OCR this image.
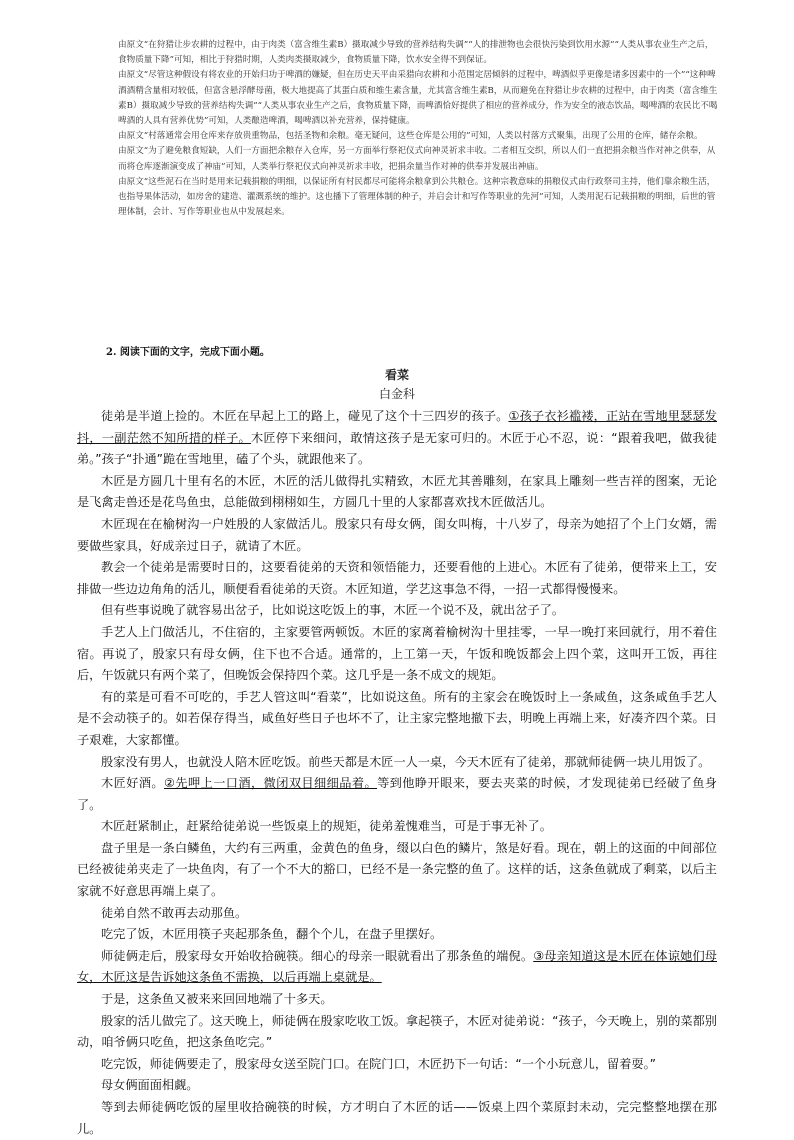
由原文“在狩猎让步农耕的过程中，由于肉类（富含维生素B）摄取减少导致的营养结构失调”“人的排泄物也会很快污染到饮用水源”“人类从事农业生产之后，食物质量下降”可知，相比于狩猎时期，人类肉类摄取减少，食物质量下降，饮水安全得不到保证。

由原文“尽管这种假设有将农业的开始归功于啤酒的嫌疑，但在历史天平由采猎向农耕和小范围定居倾斜的过程中，啤酒似乎更像是诸多因素中的一个”“这种啤酒酒精含量相对较低，但富含悬浮酵母菌，极大地提高了其蛋白质和维生素含量，尤其富含维生素B，从而避免在狩猎让步农耕的过程中，由于肉类（富含维生素B）摄取减少导致的营养结构失调”“人类从事农业生产之后，食物质量下降，而啤酒恰好提供了相应的营养成分，作为安全的液态饮品，喝啤酒的农民比不喝啤酒的人具有营养优势”可知，人类酿造啤酒，喝啤酒以补充营养，保持健康。

由原文“村落通常会用仓库来存放贵重物品，包括圣物和余粮。毫无疑问，这些仓库是公用的”可知，人类以村落方式聚集，出现了公用的仓库，储存余粮。

由原文“为了避免粮食短缺，人们一方面把余粮存入仓库，另一方面举行祭祀仪式向神灵祈求丰收。二者相互交织，所以人们一直把捐余粮当作对神之供奉，从而将仓库逐渐演变成了神庙”可知，人类举行祭祀仪式向神灵祈求丰收，把捐余量当作对神的供奉并发展出神庙。

由原文“这些泥石在当时是用来记载捐粮的明细，以保证所有村民都尽可能将余粮拿到公共粮仓。这种宗教意味的捐粮仪式由行政祭司主持，他们靠余粮生活，也指导果体活动，如房舍的建造、灌溉系统的维护。这也播下了管理体制的种子，并启会计和写作等职业的先河”可知，人类用泥石记载捐粮的明细，后世的管理体制，会计、写作等职业也从中发展起来。

2. 阅读下面的文字，完成下面小题。
看菜
白金科

徒弟是半道上捡的。木匠在早起上工的路上，碰见了这个十三四岁的孩子。①孩子衣衫褴褛，正站在雪地里瑟瑟发抖，一副茫然不知所措的样子。木匠停下来细问，敢情这孩子是无家可归的。木匠于心不忍，说：“跟着我吧，做我徒弟。”孩子“扑通”跪在雪地里，磕了个头，就跟他来了。

木匠是方圆几十里有名的木匠，木匠的活儿做得扎实精致，木匠尤其善雕刻，在家具上雕刻一些吉祥的图案，无论是飞禽走兽还是花鸟鱼虫，总能做到栩栩如生，方圆几十里的人家都喜欢找木匠做活儿。

木匠现在在榆树沟一户姓殷的人家做活儿。殷家只有母女俩，闺女叫梅，十八岁了，母亲为她招了个上门女婿，需要做些家具，好成亲过日子，就请了木匠。

教会一个徒弟是需要时日的，这要看徒弟的天资和领悟能力，还要看他的上进心。木匠有了徒弟，便带来上工，安排做一些边边角角的活儿，顺便看看徒弟的天资。木匠知道，学艺这事急不得，一招一式都得慢慢来。

但有些事说晚了就容易出岔子，比如说这吃饭上的事，木匠一个说不及，就出岔子了。

手艺人上门做活儿，不住宿的，主家要管两顿饭。木匠的家离着榆树沟十里挂零，一早一晚打来回就行，用不着住宿。再说了，殷家只有母女俩，住下也不合适。通常的，上工第一天，午饭和晚饭都会上四个菜，这叫开工饭，再往后，午饭就只有两个菜了，但晚饭会保持四个菜。这几乎是一条不成文的规矩。

有的菜是可看不可吃的，手艺人管这叫“看菜”，比如说这鱼。所有的主家会在晚饭时上一条咸鱼，这条咸鱼手艺人是不会动筷子的。如若保存得当，咸鱼好些日子也坏不了，让主家完整地撤下去，明晚上再端上来，好凑齐四个菜。日子艰难，大家都懂。

殷家没有男人，也就没人陪木匠吃饭。前些天都是木匠一人一桌，今天木匠有了徒弟，那就师徒俩一块儿用饭了。

木匠好酒。②先呷上一口酒，微闭双目细细品着。等到他睁开眼来，要去夹菜的时候，才发现徒弟已经破了鱼身了。

木匠赶紧制止，赶紧给徒弟说一些饭桌上的规矩，徒弟羞愧难当，可是于事无补了。

盘子里是一条白鳞鱼，大约有三两重，金黄色的鱼身，缀以白色的鳞片，煞是好看。现在，朝上的这面的中间部位已经被徒弟夹走了一块鱼肉，有了一个不大的豁口，已经不是一条完整的鱼了。这样的话，这条鱼就成了剩菜，以后主家就不好意思再端上桌了。

徒弟自然不敢再去动那鱼。

吃完了饭，木匠用筷子夹起那条鱼，翻个个儿，在盘子里摆好。

师徒俩走后，殷家母女开始收拾碗筷。细心的母亲一眼就看出了那条鱼的端倪。③母亲知道这是木匠在体谅她们母女，木匠这是告诉她这条鱼不需换，以后再端上桌就是。

于是，这条鱼又被来来回回地端了十多天。

殷家的活儿做完了。这天晚上，师徒俩在殷家吃收工饭。拿起筷子，木匠对徒弟说：“孩子，今天晚上，别的菜都别动，咱爷俩只吃鱼，把这条鱼吃完。”

吃完饭，师徒俩要走了，殷家母女送至院门口。在院门口，木匠扔下一句话：“一个小玩意儿，留着耍。”

母女俩面面相觑。

等到去师徒俩吃饭的屋里收拾碗筷的时候，方才明白了木匠的话——饭桌上四个菜原封未动，完完整整地摆在那儿。
